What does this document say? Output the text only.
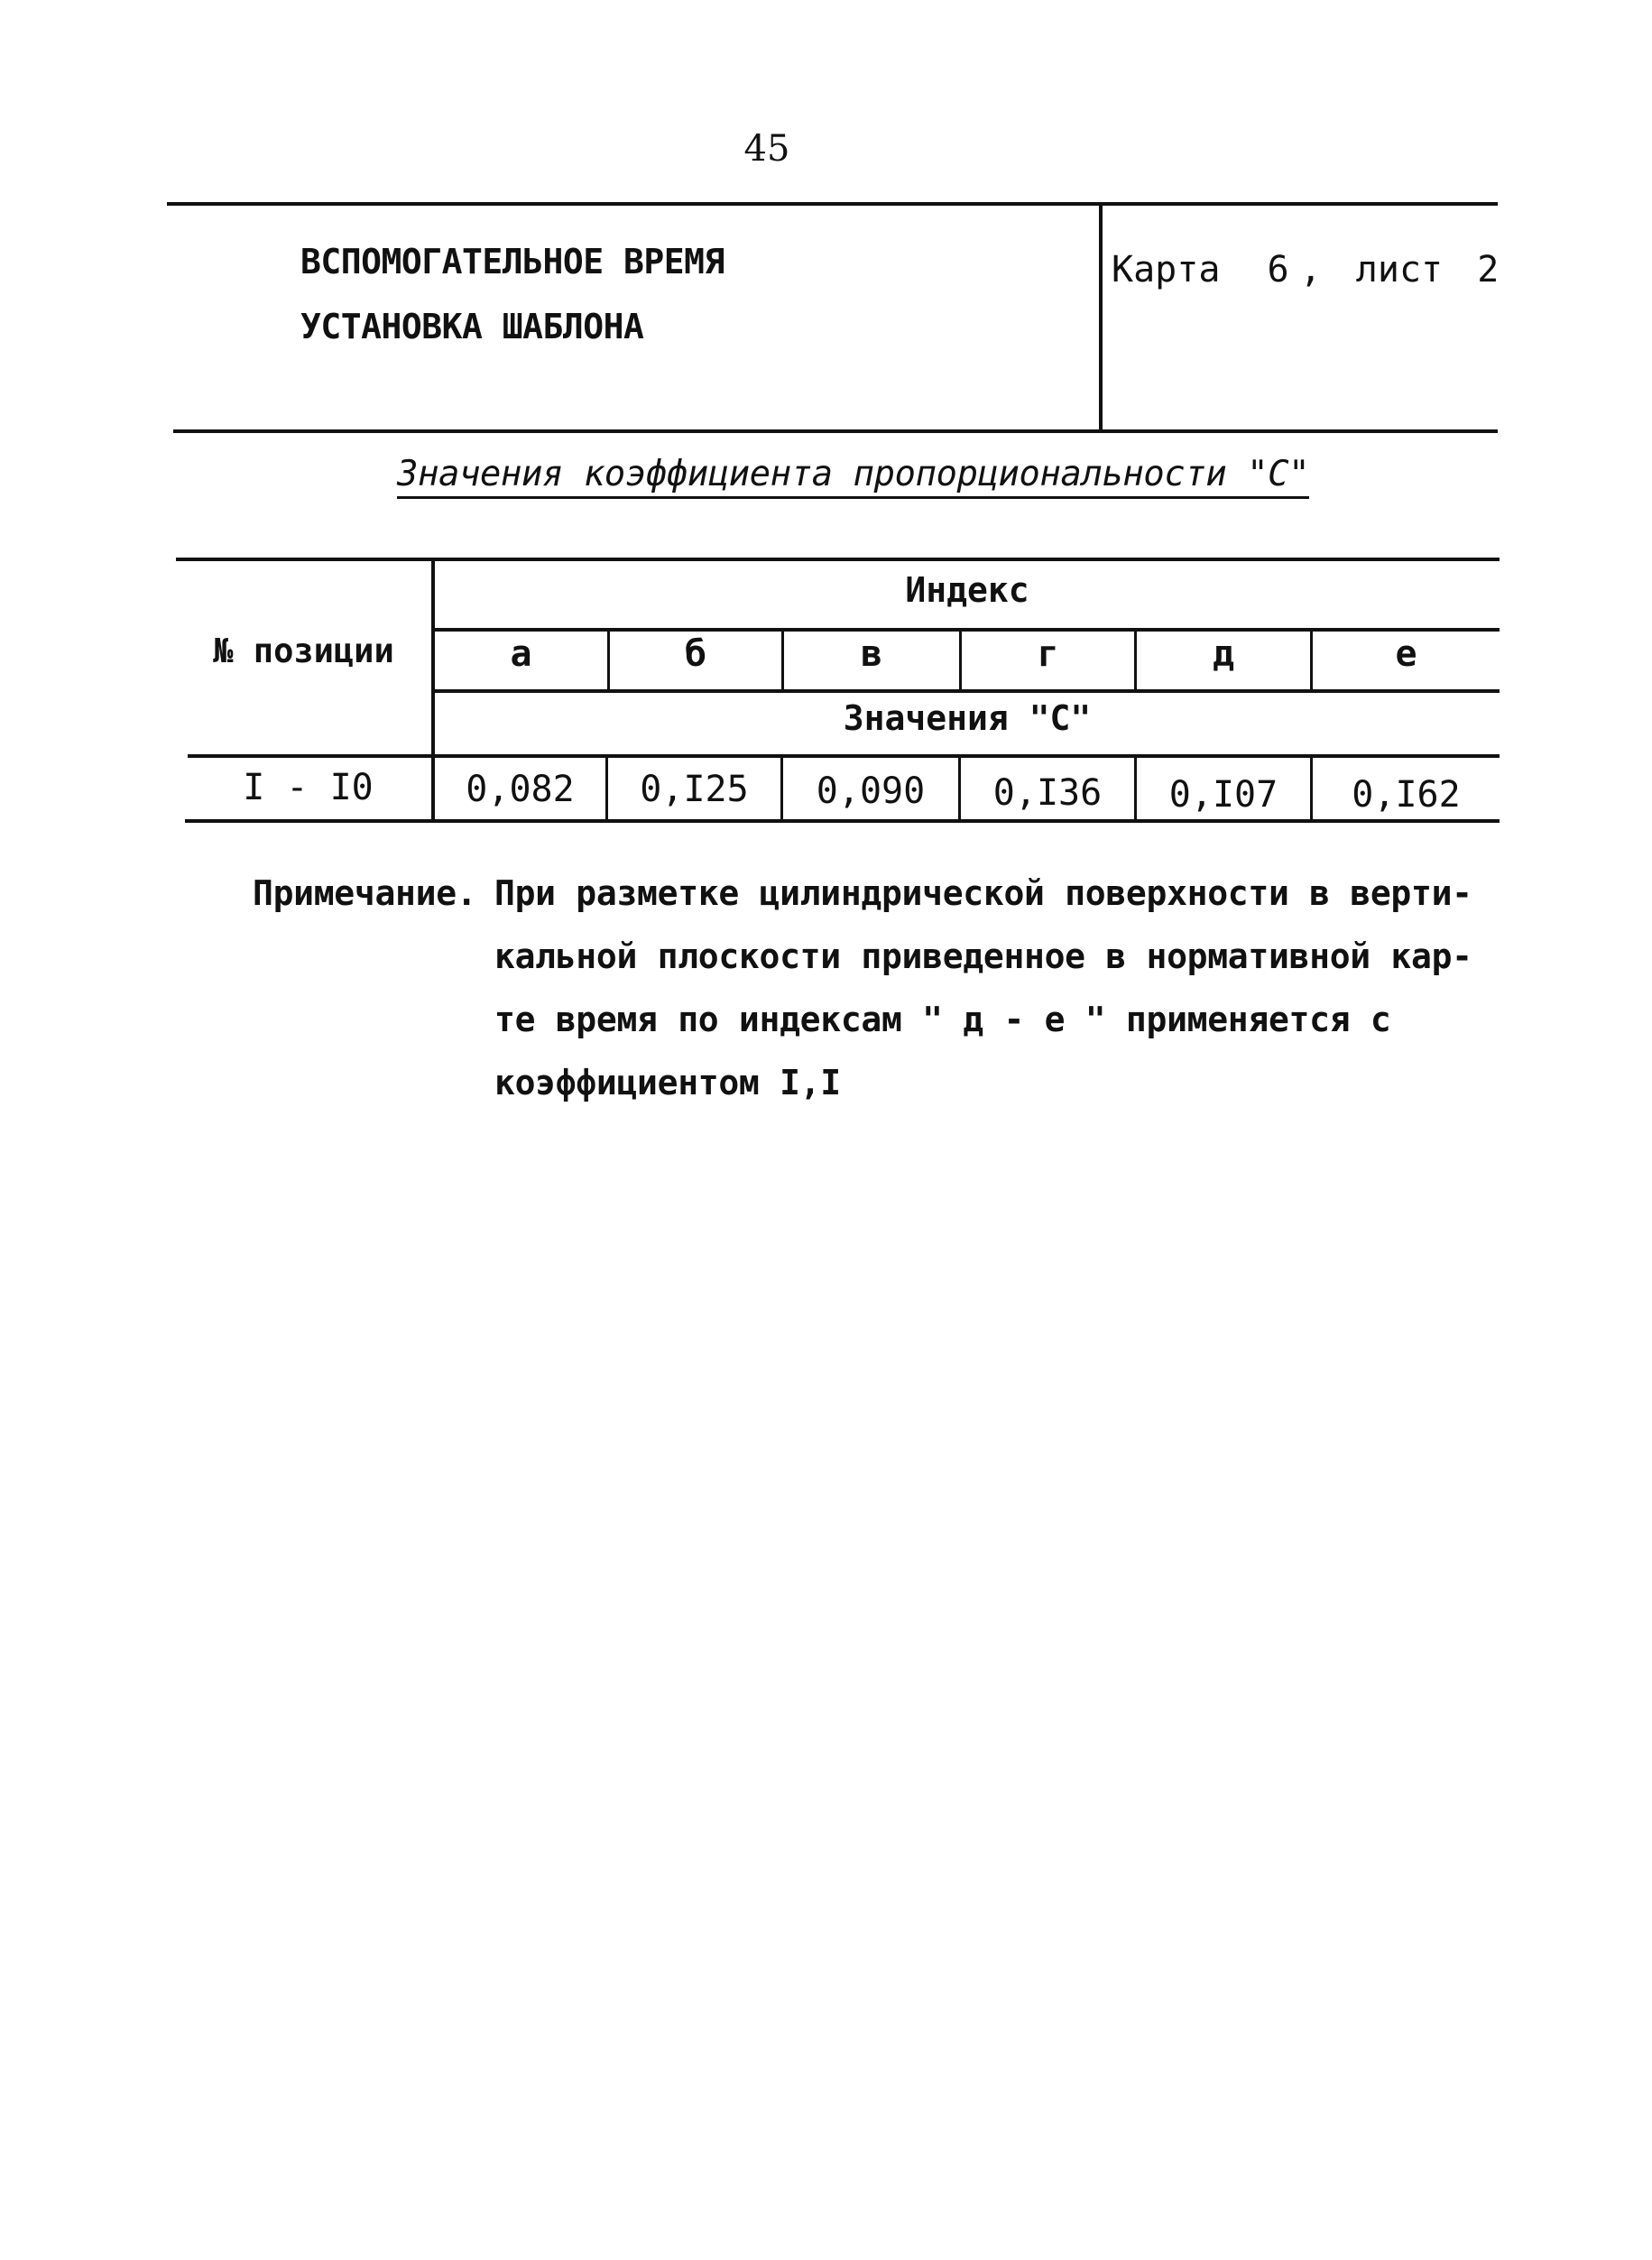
45
ВСПОМОГАТЕЛЬНОЕ ВРЕМЯ
УСТАНОВКА ШАБЛОНА
Карта 6 , лист 2
Значения коэффициента пропорциональности "С"
№ позиции
Индекс
а	б	в	г	д	е
Значения "С"
I - I0	0,082	0,I25	0,090	0,I36	0,I07	0,I62
Примечание. При разметке цилиндрической поверхности в верти-
кальной плоскости приведенное в нормативной кар-
те время по индексам " д - е " применяется с
коэффициентом I,I
